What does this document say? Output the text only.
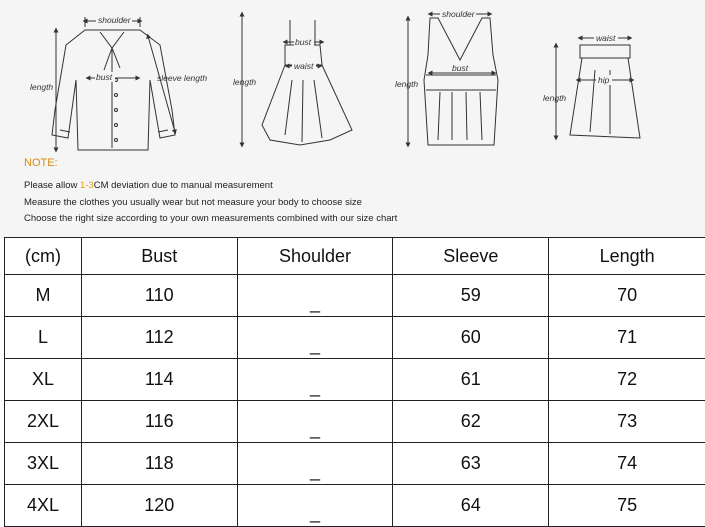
shoulder
bust
length
sleeve length
bust
waist
length
shoulder
bust
length
waist
hip
length
NOTE:
Please allow 1-3CM deviation due to manual measurement
Measure the clothes you usually wear but not measure your body to choose size
Choose the right size according to your own measurements combined with our size chart
(cm)	Bust	Shoulder	Sleeve	Length
M	110	_	59	70
L	112	_	60	71
XL	114	_	61	72
2XL	116	_	62	73
3XL	118	_	63	74
4XL	120	_	64	75
